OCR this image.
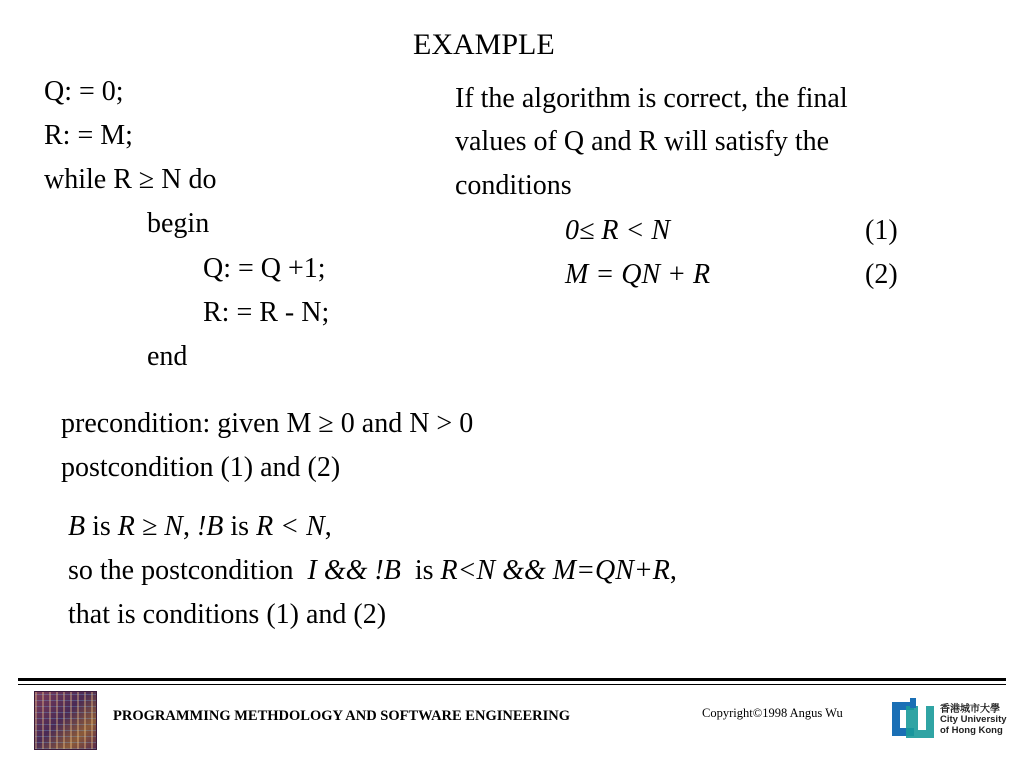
EXAMPLE
Q: = 0;
R: = M;
while R ≥ N do
begin
Q: = Q +1;
R: = R - N;
end
If the algorithm is correct, the final
values of Q and R will satisfy the
conditions
0≤ R < N	(1)
M = QN + R	(2)
precondition: given M ≥ 0 and N > 0
postcondition (1) and (2)
B is R ≥ N, !B is R < N,
so the postcondition  I && !B  is R<N && M=QN+R,
that is conditions (1) and (2)
PROGRAMMING METHDOLOGY AND SOFTWARE ENGINEERING	Copyright©1998 Angus Wu	香港城市大學
City University
of Hong Kong
